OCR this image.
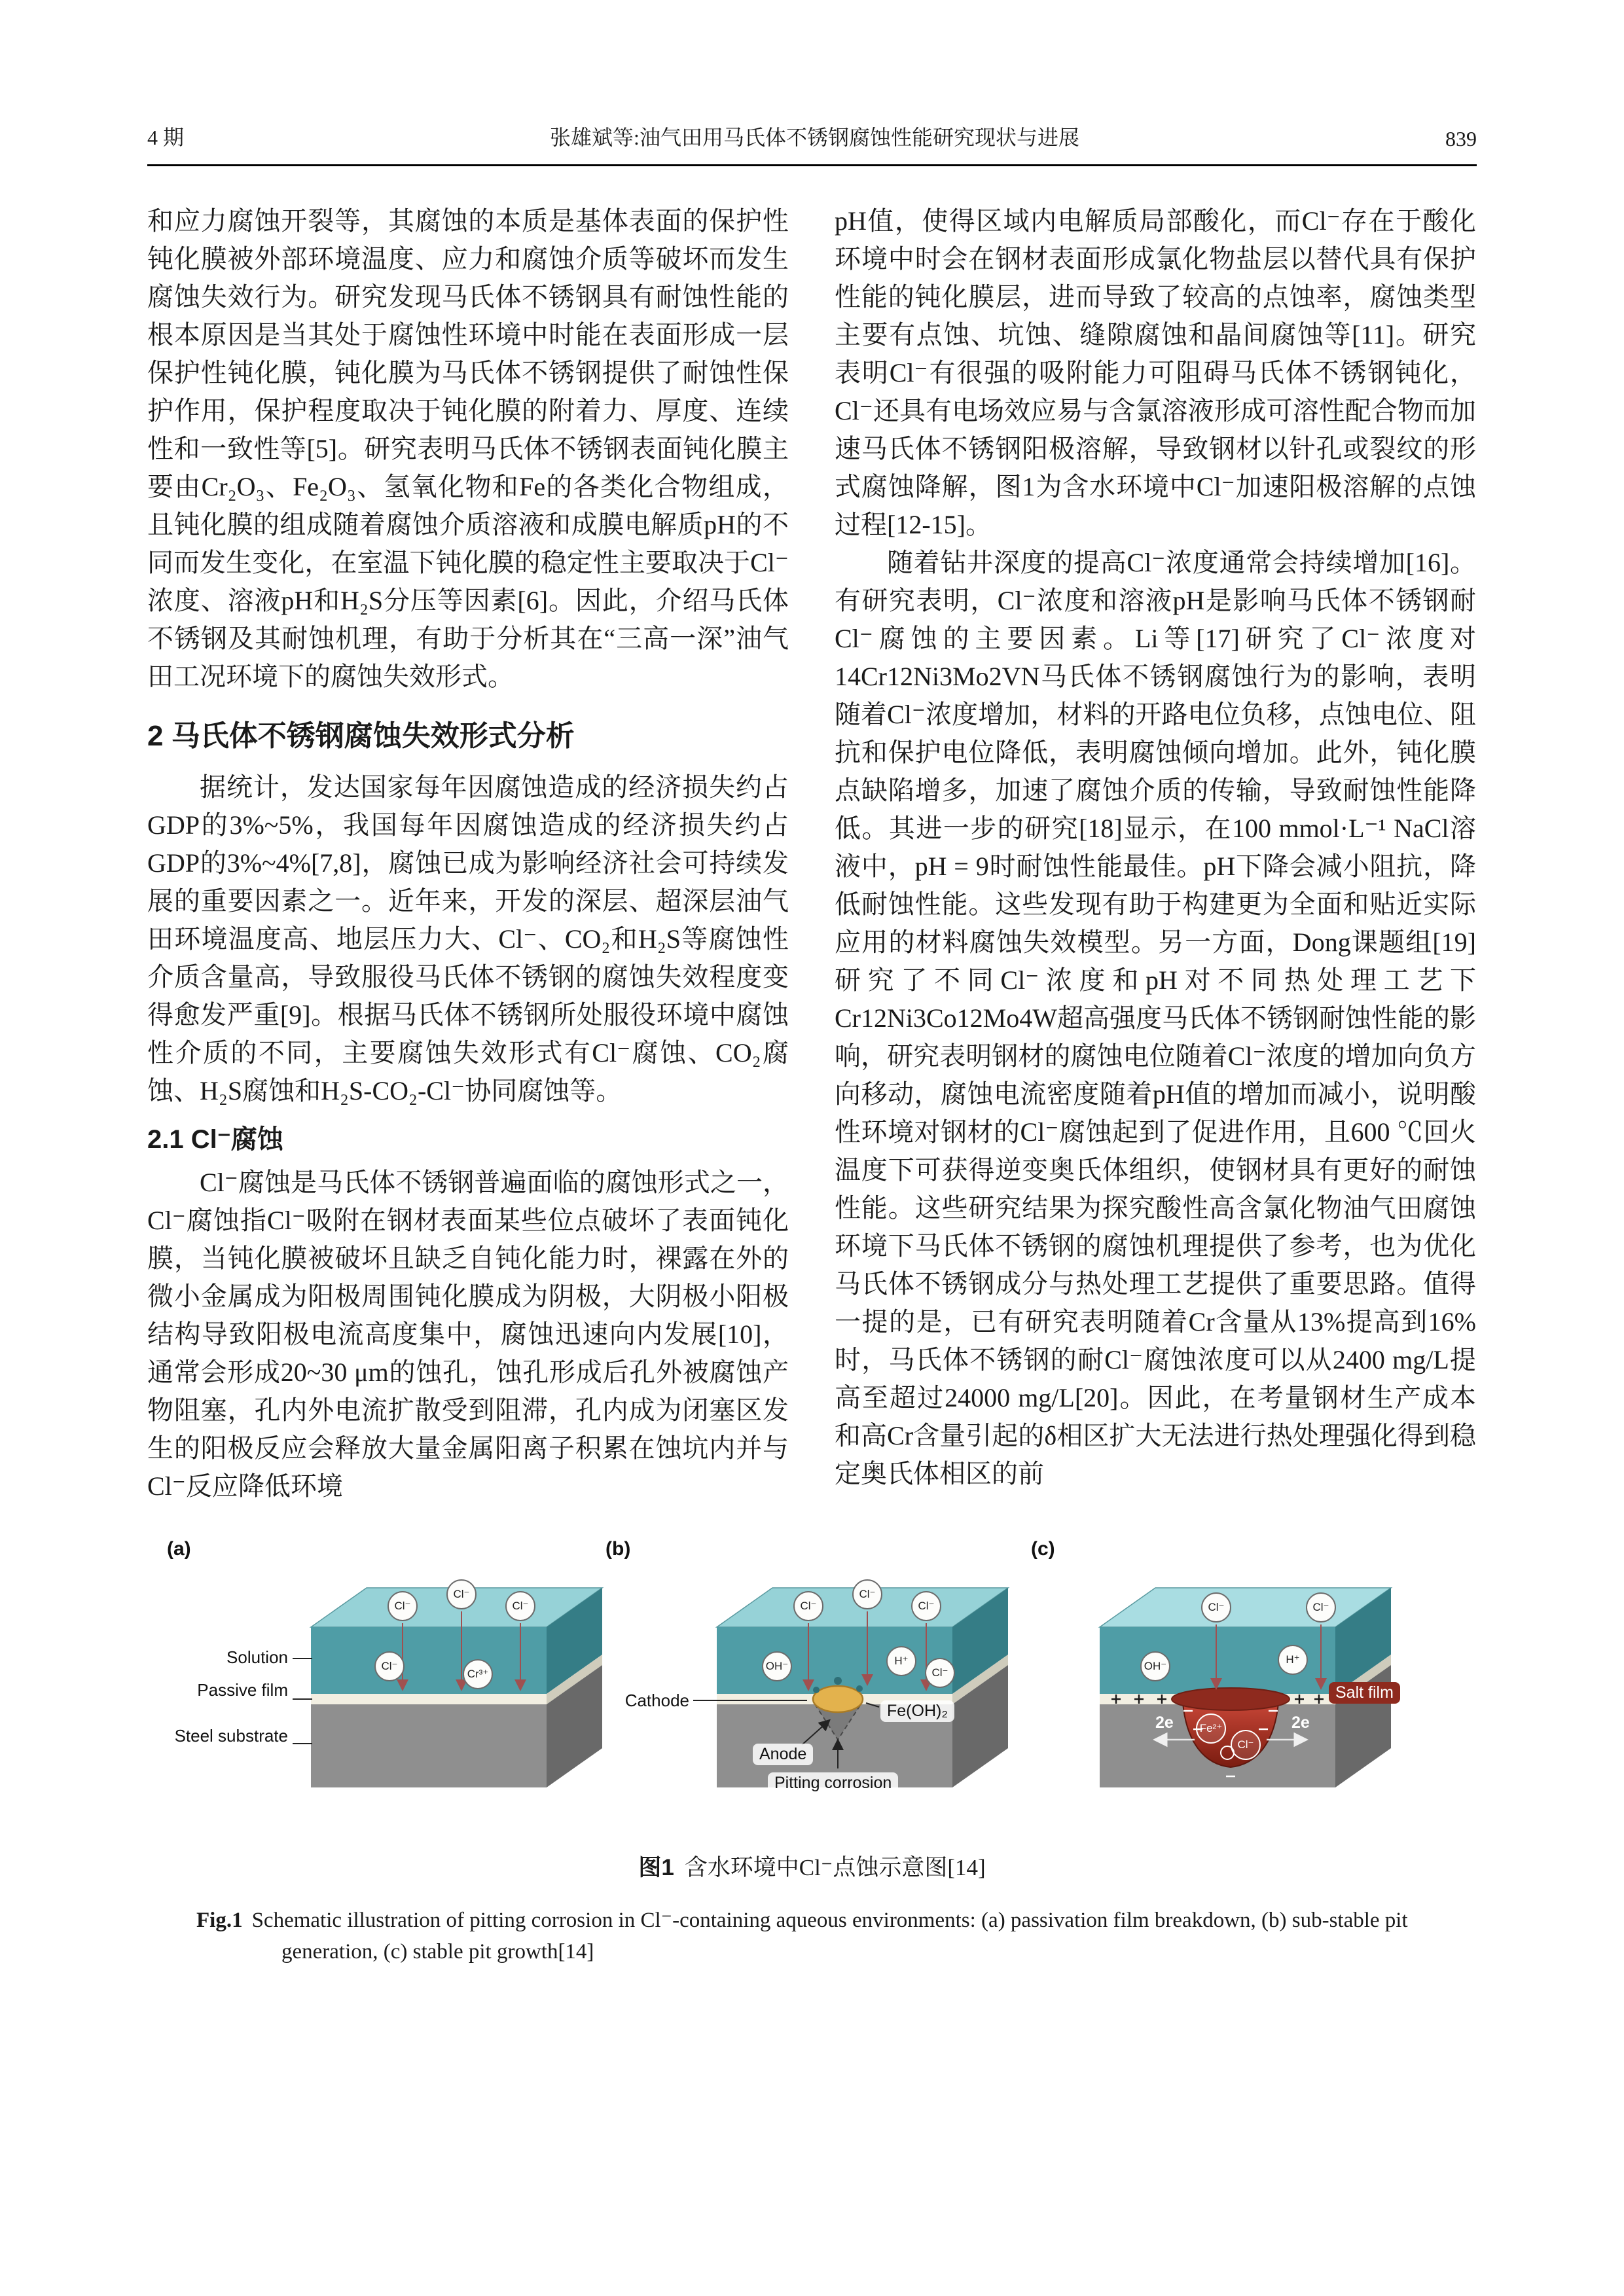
4 期	张雄斌等:油气田用马氏体不锈钢腐蚀性能研究现状与进展	839

和应力腐蚀开裂等，其腐蚀的本质是基体表面的保护性钝化膜被外部环境温度、应力和腐蚀介质等破坏而发生腐蚀失效行为。研究发现马氏体不锈钢具有耐蚀性能的根本原因是当其处于腐蚀性环境中时能在表面形成一层保护性钝化膜，钝化膜为马氏体不锈钢提供了耐蚀性保护作用，保护程度取决于钝化膜的附着力、厚度、连续性和一致性等[5]。研究表明马氏体不锈钢表面钝化膜主要由Cr₂O₃、Fe₂O₃、氢氧化物和Fe的各类化合物组成，且钝化膜的组成随着腐蚀介质溶液和成膜电解质pH的不同而发生变化，在室温下钝化膜的稳定性主要取决于Cl⁻浓度、溶液pH和H₂S分压等因素[6]。因此，介绍马氏体不锈钢及其耐蚀机理，有助于分析其在“三高一深”油气田工况环境下的腐蚀失效形式。

2 马氏体不锈钢腐蚀失效形式分析

据统计，发达国家每年因腐蚀造成的经济损失约占GDP的3%~5%，我国每年因腐蚀造成的经济损失约占GDP的3%~4%[7,8]，腐蚀已成为影响经济社会可持续发展的重要因素之一。近年来，开发的深层、超深层油气田环境温度高、地层压力大、Cl⁻、CO₂和H₂S等腐蚀性介质含量高，导致服役马氏体不锈钢的腐蚀失效程度变得愈发严重[9]。根据马氏体不锈钢所处服役环境中腐蚀性介质的不同，主要腐蚀失效形式有Cl⁻腐蚀、CO₂腐蚀、H₂S腐蚀和H₂S-CO₂-Cl⁻协同腐蚀等。

2.1 Cl⁻腐蚀

Cl⁻腐蚀是马氏体不锈钢普遍面临的腐蚀形式之一，Cl⁻腐蚀指Cl⁻吸附在钢材表面某些位点破坏了表面钝化膜，当钝化膜被破坏且缺乏自钝化能力时，裸露在外的微小金属成为阳极周围钝化膜成为阴极，大阴极小阳极结构导致阳极电流高度集中，腐蚀迅速向内发展[10]，通常会形成20~30 μm的蚀孔，蚀孔形成后孔外被腐蚀产物阻塞，孔内外电流扩散受到阻滞，孔内成为闭塞区发生的阳极反应会释放大量金属阳离子积累在蚀坑内并与Cl⁻反应降低环境

pH值，使得区域内电解质局部酸化，而Cl⁻存在于酸化环境中时会在钢材表面形成氯化物盐层以替代具有保护性能的钝化膜层，进而导致了较高的点蚀率，腐蚀类型主要有点蚀、坑蚀、缝隙腐蚀和晶间腐蚀等[11]。研究表明Cl⁻有很强的吸附能力可阻碍马氏体不锈钢钝化，Cl⁻还具有电场效应易与含氯溶液形成可溶性配合物而加速马氏体不锈钢阳极溶解，导致钢材以针孔或裂纹的形式腐蚀降解，图1为含水环境中Cl⁻加速阳极溶解的点蚀过程[12-15]。

随着钻井深度的提高Cl⁻浓度通常会持续增加[16]。有研究表明，Cl⁻浓度和溶液pH是影响马氏体不锈钢耐Cl⁻腐蚀的主要因素。Li等[17]研究了Cl⁻浓度对14Cr12Ni3Mo2VN马氏体不锈钢腐蚀行为的影响，表明随着Cl⁻浓度增加，材料的开路电位负移，点蚀电位、阻抗和保护电位降低，表明腐蚀倾向增加。此外，钝化膜点缺陷增多，加速了腐蚀介质的传输，导致耐蚀性能降低。其进一步的研究[18]显示，在100 mmol·L⁻¹ NaCl溶液中，pH = 9时耐蚀性能最佳。pH下降会减小阻抗，降低耐蚀性能。这些发现有助于构建更为全面和贴近实际应用的材料腐蚀失效模型。另一方面，Dong课题组[19]研究了不同Cl⁻浓度和pH对不同热处理工艺下Cr12Ni3Co12Mo4W超高强度马氏体不锈钢耐蚀性能的影响，研究表明钢材的腐蚀电位随着Cl⁻浓度的增加向负方向移动，腐蚀电流密度随着pH值的增加而减小，说明酸性环境对钢材的Cl⁻腐蚀起到了促进作用，且600 ℃回火温度下可获得逆变奥氏体组织，使钢材具有更好的耐蚀性能。这些研究结果为探究酸性高含氯化物油气田腐蚀环境下马氏体不锈钢的腐蚀机理提供了参考，也为优化马氏体不锈钢成分与热处理工艺提供了重要思路。值得一提的是，已有研究表明随着Cr含量从13%提高到16%时，马氏体不锈钢的耐Cl⁻腐蚀浓度可以从2400 mg/L提高至超过24000 mg/L[20]。因此，在考量钢材生产成本和高Cr含量引起的δ相区扩大无法进行热处理强化得到稳定奥氏体相区的前

(a)
Solution
Passive film
Steel substrate
Cl⁻
Cl⁻
Cl⁻
Cl⁻
Cr³⁺
(b)
Cathode
Anode
Fe(OH)₂
Pitting corrosion
Cl⁻
Cl⁻
Cl⁻
OH⁻	H⁺
Cl⁻
(c)
Salt film
2e	2e
Cl⁻	Cl⁻
OH⁻
H⁺
Fe²⁺
Cl⁻

图1 含水环境中Cl⁻点蚀示意图[14]

Fig.1 Schematic illustration of pitting corrosion in Cl⁻-containing aqueous environments: (a) passivation film breakdown, (b) sub-stable pit generation, (c) stable pit growth[14]
